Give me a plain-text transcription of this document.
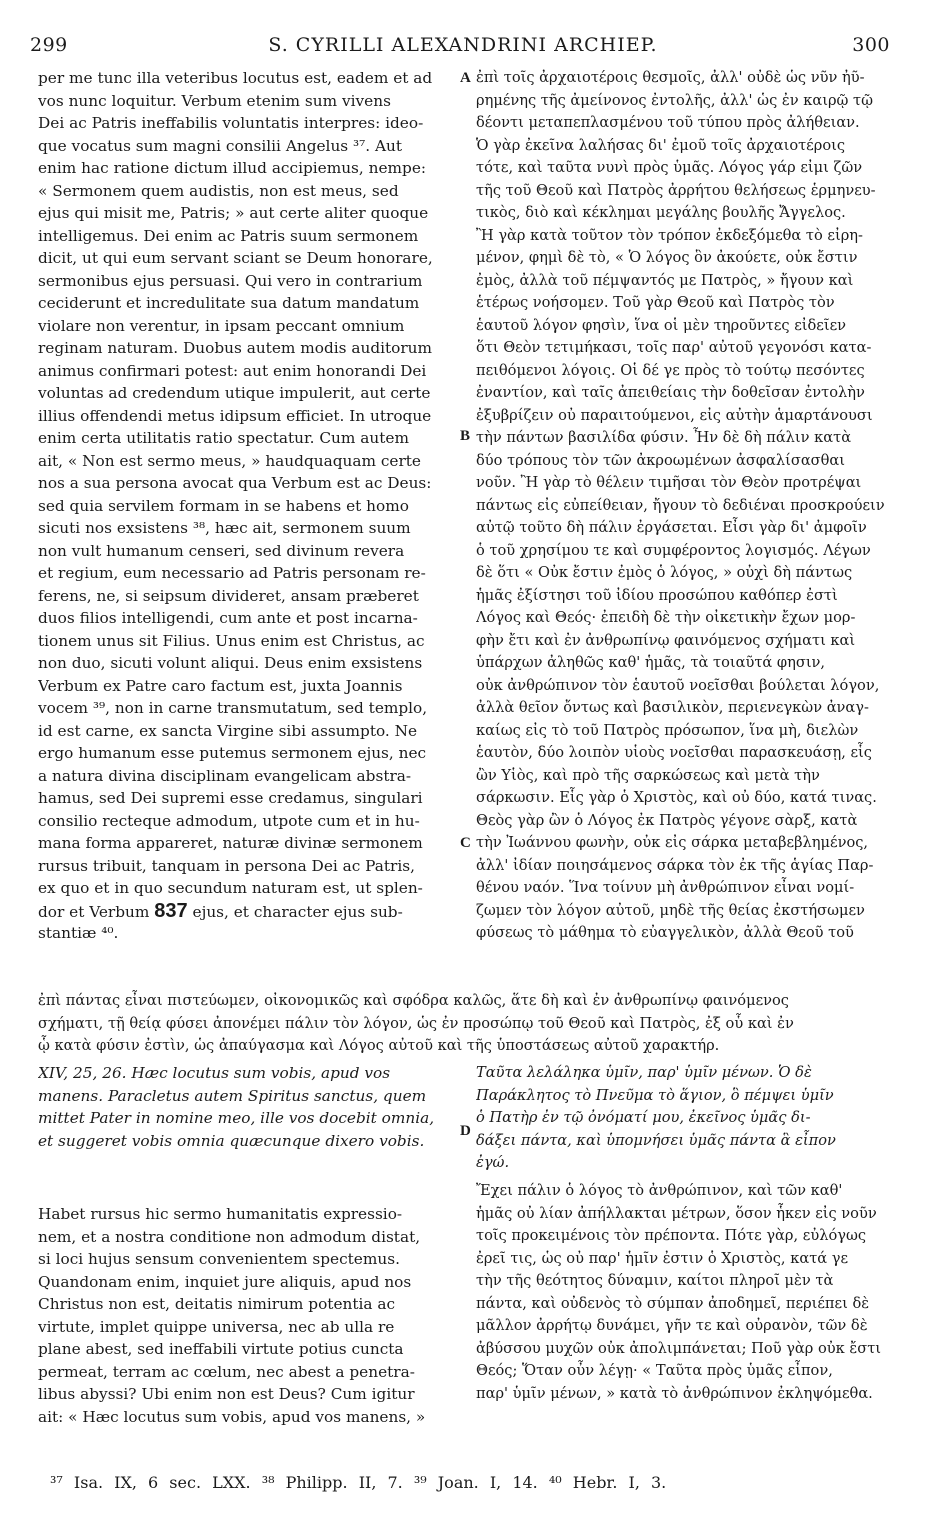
299	S. CYRILLI ALEXANDRINI ARCHIEP.	300
A
B
C
D
per me tunc illa veteribus locutus est, eadem et ad
vos nunc loquitur. Verbum etenim sum vivens
Dei ac Patris ineffabilis voluntatis interpres: ideo-
que vocatus sum magni consilii Angelus ³⁷. Aut
enim hac ratione dictum illud accipiemus, nempe:
« Sermonem quem audistis, non est meus, sed
ejus qui misit me, Patris; » aut certe aliter quoque
intelligemus. Dei enim ac Patris suum sermonem
dicit, ut qui eum servant sciant se Deum honorare,
sermonibus ejus persuasi. Qui vero in contrarium
ceciderunt et incredulitate sua datum mandatum
violare non verentur, in ipsam peccant omnium
reginam naturam. Duobus autem modis auditorum
animus confirmari potest: aut enim honorandi Dei
voluntas ad credendum utique impulerit, aut certe
illius offendendi metus idipsum efficiet. In utroque
enim certa utilitatis ratio spectatur. Cum autem
ait, « Non est sermo meus, » haudquaquam certe
nos a sua persona avocat qua Verbum est ac Deus:
sed quia servilem formam in se habens et homo
sicuti nos exsistens ³⁸, hæc ait, sermonem suum
non vult humanum censeri, sed divinum revera
et regium, eum necessario ad Patris personam re-
ferens, ne, si seipsum divideret, ansam præberet
duos filios intelligendi, cum ante et post incarna-
tionem unus sit Filius. Unus enim est Christus, ac
non duo, sicuti volunt aliqui. Deus enim exsistens
Verbum ex Patre caro factum est, juxta Joannis
vocem ³⁹, non in carne transmutatum, sed templo,
id est carne, ex sancta Virgine sibi assumpto. Ne
ergo humanum esse putemus sermonem ejus, nec
a natura divina disciplinam evangelicam abstra-
hamus, sed Dei supremi esse credamus, singulari
consilio recteque admodum, utpote cum et in hu-
mana forma appareret, naturæ divinæ sermonem
rursus tribuit, tanquam in persona Dei ac Patris,
ex quo et in quo secundum naturam est, ut splen-
dor et Verbum 837 ejus, et character ejus sub-
stantiæ ⁴⁰.
ἐπὶ τοῖς ἀρχαιοτέροις θεσμοῖς, ἀλλ' οὐδὲ ὡς νῦν ἠῦ-
ρημένης τῆς ἀμείνονος ἐντολῆς, ἀλλ' ὡς ἐν καιρῷ τῷ
δέοντι μεταπεπλασμένου τοῦ τύπου πρὸς ἀλήθειαν.
Ὁ γὰρ ἐκεῖνα λαλήσας δι' ἐμοῦ τοῖς ἀρχαιοτέροις
τότε, καὶ ταῦτα νυνὶ πρὸς ὑμᾶς. Λόγος γάρ εἰμι ζῶν
τῆς τοῦ Θεοῦ καὶ Πατρὸς ἀρρήτου θελήσεως ἑρμηνευ-
τικὸς, διὸ καὶ κέκλημαι μεγάλης βουλῆς Ἄγγελος.
Ἢ γὰρ κατὰ τοῦτον τὸν τρόπον ἐκδεξόμεθα τὸ εἰρη-
μένον, φημὶ δὲ τὸ, « Ὁ λόγος ὃν ἀκούετε, οὐκ ἔστιν
ἐμὸς, ἀλλὰ τοῦ πέμψαντός με Πατρὸς, » ἤγουν καὶ
ἑτέρως νοήσομεν. Τοῦ γὰρ Θεοῦ καὶ Πατρὸς τὸν
ἑαυτοῦ λόγον φησὶν, ἵνα οἱ μὲν τηροῦντες εἰδεῖεν
ὅτι Θεὸν τετιμήκασι, τοῖς παρ' αὐτοῦ γεγονόσι κατα-
πειθόμενοι λόγοις. Οἱ δέ γε πρὸς τὸ τούτῳ πεσόντες
ἐναντίον, καὶ ταῖς ἀπειθείαις τὴν δοθεῖσαν ἐντολὴν
ἐξυβρίζειν οὐ παραιτούμενοι, εἰς αὐτὴν ἁμαρτάνουσι
τὴν πάντων βασιλίδα φύσιν. Ἦν δὲ δὴ πάλιν κατὰ
δύο τρόπους τὸν τῶν ἀκροωμένων ἀσφαλίσασθαι
νοῦν. Ἢ γὰρ τὸ θέλειν τιμῆσαι τὸν Θεὸν προτρέψαι
πάντως εἰς εὐπείθειαν, ἤγουν τὸ δεδιέναι προσκρούειν
αὐτῷ τοῦτο δὴ πάλιν ἐργάσεται. Εἶσι γὰρ δι' ἀμφοῖν
ὁ τοῦ χρησίμου τε καὶ συμφέροντος λογισμός. Λέγων
δὲ ὅτι « Οὐκ ἔστιν ἐμὸς ὁ λόγος, » οὐχὶ δὴ πάντως
ἡμᾶς ἐξίστησι τοῦ ἰδίου προσώπου καθόπερ ἐστὶ
Λόγος καὶ Θεός· ἐπειδὴ δὲ τὴν οἰκετικὴν ἔχων μορ-
φὴν ἔτι καὶ ἐν ἀνθρωπίνῳ φαινόμενος σχήματι καὶ
ὑπάρχων ἀληθῶς καθ' ἡμᾶς, τὰ τοιαῦτά φησιν,
οὐκ ἀνθρώπινον τὸν ἑαυτοῦ νοεῖσθαι βούλεται λόγον,
ἀλλὰ θεῖον ὄντως καὶ βασιλικὸν, περιενεγκὼν ἀναγ-
καίως εἰς τὸ τοῦ Πατρὸς πρόσωπον, ἵνα μὴ, διελὼν
ἑαυτὸν, δύο λοιπὸν υἱοὺς νοεῖσθαι παρασκευάσῃ, εἷς
ὢν Υἱὸς, καὶ πρὸ τῆς σαρκώσεως καὶ μετὰ τὴν
σάρκωσιν. Εἷς γὰρ ὁ Χριστὸς, καὶ οὐ δύο, κατά τινας.
Θεὸς γὰρ ὢν ὁ Λόγος ἐκ Πατρὸς γέγονε σὰρξ, κατὰ
τὴν Ἰωάννου φωνὴν, οὐκ εἰς σάρκα μεταβεβλημένος,
ἀλλ' ἰδίαν ποιησάμενος σάρκα τὸν ἐκ τῆς ἁγίας Παρ-
θένου ναόν. Ἵνα τοίνυν μὴ ἀνθρώπινον εἶναι νομί-
ζωμεν τὸν λόγον αὐτοῦ, μηδὲ τῆς θείας ἐκστήσωμεν
φύσεως τὸ μάθημα τὸ εὐαγγελικὸν, ἀλλὰ Θεοῦ τοῦ
ἐπὶ πάντας εἶναι πιστεύωμεν, οἰκονομικῶς καὶ σφόδρα καλῶς, ἅτε δὴ καὶ ἐν ἀνθρωπίνῳ φαινόμενος
σχήματι, τῇ θείᾳ φύσει ἀπονέμει πάλιν τὸν λόγον, ὡς ἐν προσώπῳ τοῦ Θεοῦ καὶ Πατρὸς, ἐξ οὗ καὶ ἐν
ᾧ κατὰ φύσιν ἐστὶν, ὡς ἀπαύγασμα καὶ Λόγος αὐτοῦ καὶ τῆς ὑποστάσεως αὐτοῦ χαρακτήρ.
XIV, 25, 26. Hæc locutus sum vobis, apud vos
manens. Paracletus autem Spiritus sanctus, quem
mittet Pater in nomine meo, ille vos docebit omnia,
et suggeret vobis omnia quæcunque dixero vobis.
Ταῦτα λελάληκα ὑμῖν, παρ' ὑμῖν μένων. Ὁ δὲ
Παράκλητος τὸ Πνεῦμα τὸ ἅγιον, ὃ πέμψει ὑμῖν
ὁ Πατὴρ ἐν τῷ ὀνόματί μου, ἐκεῖνος ὑμᾶς δι-
δάξει πάντα, καὶ ὑπομνήσει ὑμᾶς πάντα ἃ εἶπον
ἐγώ.
Habet rursus hic sermo humanitatis expressio-
nem, et a nostra conditione non admodum distat,
si loci hujus sensum convenientem spectemus.
Quandonam enim, inquiet jure aliquis, apud nos
Christus non est, deitatis nimirum potentia ac
virtute, implet quippe universa, nec ab ulla re
plane abest, sed ineffabili virtute potius cuncta
permeat, terram ac cœlum, nec abest a penetra-
libus abyssi? Ubi enim non est Deus? Cum igitur
ait: « Hæc locutus sum vobis, apud vos manens, »
Ἔχει πάλιν ὁ λόγος τὸ ἀνθρώπινον, καὶ τῶν καθ'
ἡμᾶς οὐ λίαν ἀπήλλακται μέτρων, ὅσον ἧκεν εἰς νοῦν
τοῖς προκειμένοις τὸν πρέποντα. Πότε γὰρ, εὐλόγως
ἐρεῖ τις, ὡς οὐ παρ' ἡμῖν ἐστιν ὁ Χριστὸς, κατά γε
τὴν τῆς θεότητος δύναμιν, καίτοι πληροῖ μὲν τὰ
πάντα, καὶ οὐδενὸς τὸ σύμπαν ἀποδημεῖ, περιέπει δὲ
μᾶλλον ἀρρήτῳ δυνάμει, γῆν τε καὶ οὐρανὸν, τῶν δὲ
ἀβύσσου μυχῶν οὐκ ἀπολιμπάνεται; Ποῦ γὰρ οὐκ ἔστι
Θεός; Ὅταν οὖν λέγῃ· « Ταῦτα πρὸς ὑμᾶς εἶπον,
παρ' ὑμῖν μένων, » κατὰ τὸ ἀνθρώπινον ἐκληψόμεθα.
³⁷ Isa. IX, 6 sec. LXX. ³⁸ Philipp. II, 7. ³⁹ Joan. I, 14. ⁴⁰ Hebr. I, 3.
